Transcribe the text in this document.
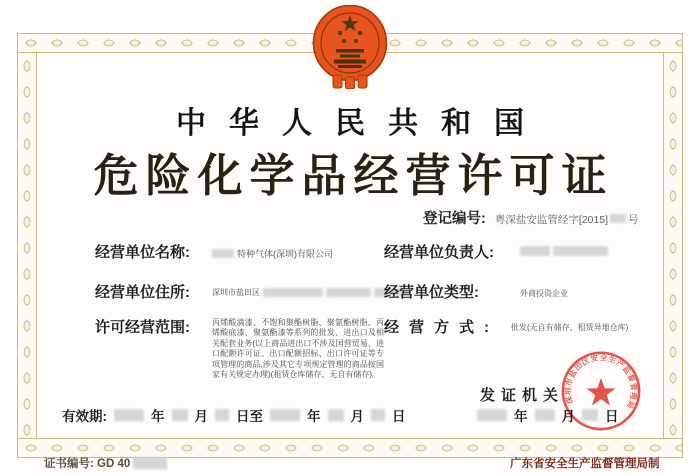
中华人民共和国
危险化学品经营许可证
登记编号: 粤深盐安监管经字[2015] 号
经营单位名称:	特种气体(深圳)有限公司	经营单位负责人:
经营单位住所:	深圳市盐田区	经营单位类型:	外商投资企业
许可经营范围:	丙烯酸滴漆、不饱和聚酯树脂、聚氨酯树脂、丙烯酸底漆、聚氨酯漆等系列的批发、进出口及相关配套业务(以上商品进出口不涉及国营贸易、进口配额许可证、出口配额招标、出口许可证等专项管理的商品,涉及其它专项规定管理的商品按国家有关规定办理)(租赁仓库储存、无自有储存)。
经营方式: 批发(无自有储存、租赁异地仓库)
发证机关 深圳市盐田区安全生产监督管理局
有效期:	年 月 日至	年 月 日	年	月 日
证书编号: GD 40	广东省安全生产监督管理局制
